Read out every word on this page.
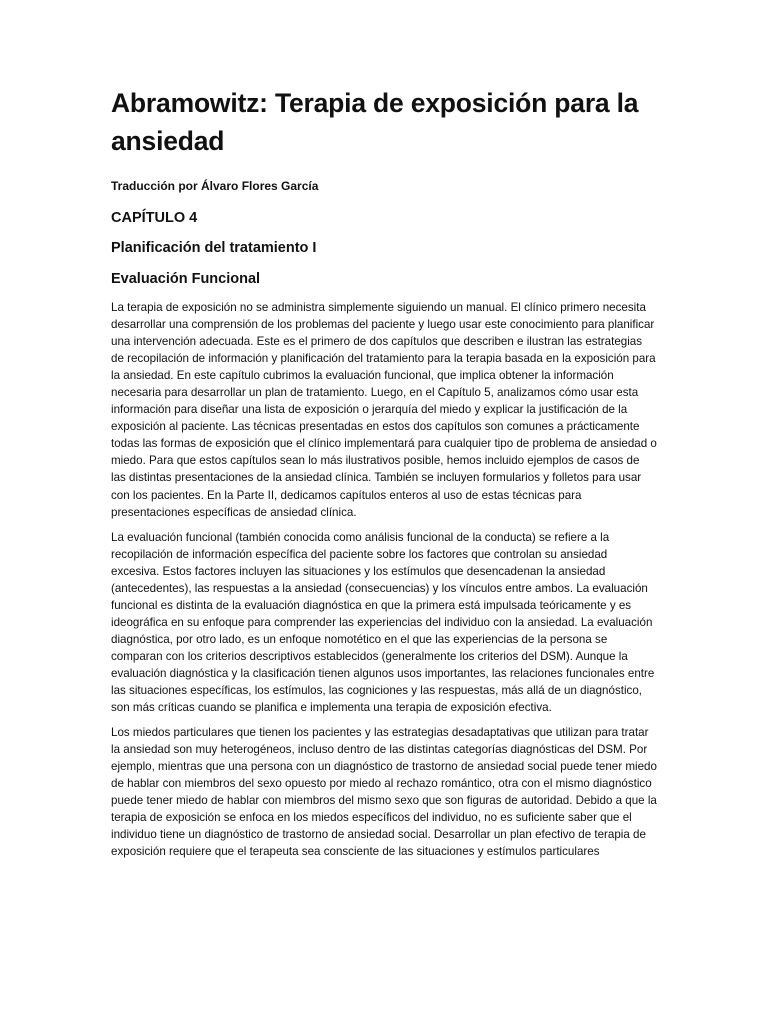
Abramowitz: Terapia de exposición para la ansiedad

Traducción por Álvaro Flores García

CAPÍTULO 4
Planificación del tratamiento I
Evaluación Funcional

La terapia de exposición no se administra simplemente siguiendo un manual. El clínico primero necesita desarrollar una comprensión de los problemas del paciente y luego usar este conocimiento para planificar una intervención adecuada. Este es el primero de dos capítulos que describen e ilustran las estrategias de recopilación de información y planificación del tratamiento para la terapia basada en la exposición para la ansiedad. En este capítulo cubrimos la evaluación funcional, que implica obtener la información necesaria para desarrollar un plan de tratamiento. Luego, en el Capítulo 5, analizamos cómo usar esta información para diseñar una lista de exposición o jerarquía del miedo y explicar la justificación de la exposición al paciente. Las técnicas presentadas en estos dos capítulos son comunes a prácticamente todas las formas de exposición que el clínico implementará para cualquier tipo de problema de ansiedad o miedo. Para que estos capítulos sean lo más ilustrativos posible, hemos incluido ejemplos de casos de las distintas presentaciones de la ansiedad clínica. También se incluyen formularios y folletos para usar con los pacientes. En la Parte II, dedicamos capítulos enteros al uso de estas técnicas para presentaciones específicas de ansiedad clínica.

La evaluación funcional (también conocida como análisis funcional de la conducta) se refiere a la recopilación de información específica del paciente sobre los factores que controlan su ansiedad excesiva. Estos factores incluyen las situaciones y los estímulos que desencadenan la ansiedad (antecedentes), las respuestas a la ansiedad (consecuencias) y los vínculos entre ambos. La evaluación funcional es distinta de la evaluación diagnóstica en que la primera está impulsada teóricamente y es ideográfica en su enfoque para comprender las experiencias del individuo con la ansiedad. La evaluación diagnóstica, por otro lado, es un enfoque nomotético en el que las experiencias de la persona se comparan con los criterios descriptivos establecidos (generalmente los criterios del DSM). Aunque la evaluación diagnóstica y la clasificación tienen algunos usos importantes, las relaciones funcionales entre las situaciones específicas, los estímulos, las cogniciones y las respuestas, más allá de un diagnóstico, son más críticas cuando se planifica e implementa una terapia de exposición efectiva.

Los miedos particulares que tienen los pacientes y las estrategias desadaptativas que utilizan para tratar la ansiedad son muy heterogéneos, incluso dentro de las distintas categorías diagnósticas del DSM. Por ejemplo, mientras que una persona con un diagnóstico de trastorno de ansiedad social puede tener miedo de hablar con miembros del sexo opuesto por miedo al rechazo romántico, otra con el mismo diagnóstico puede tener miedo de hablar con miembros del mismo sexo que son figuras de autoridad. Debido a que la terapia de exposición se enfoca en los miedos específicos del individuo, no es suficiente saber que el individuo tiene un diagnóstico de trastorno de ansiedad social. Desarrollar un plan efectivo de terapia de exposición requiere que el terapeuta sea consciente de las situaciones y estímulos particulares
